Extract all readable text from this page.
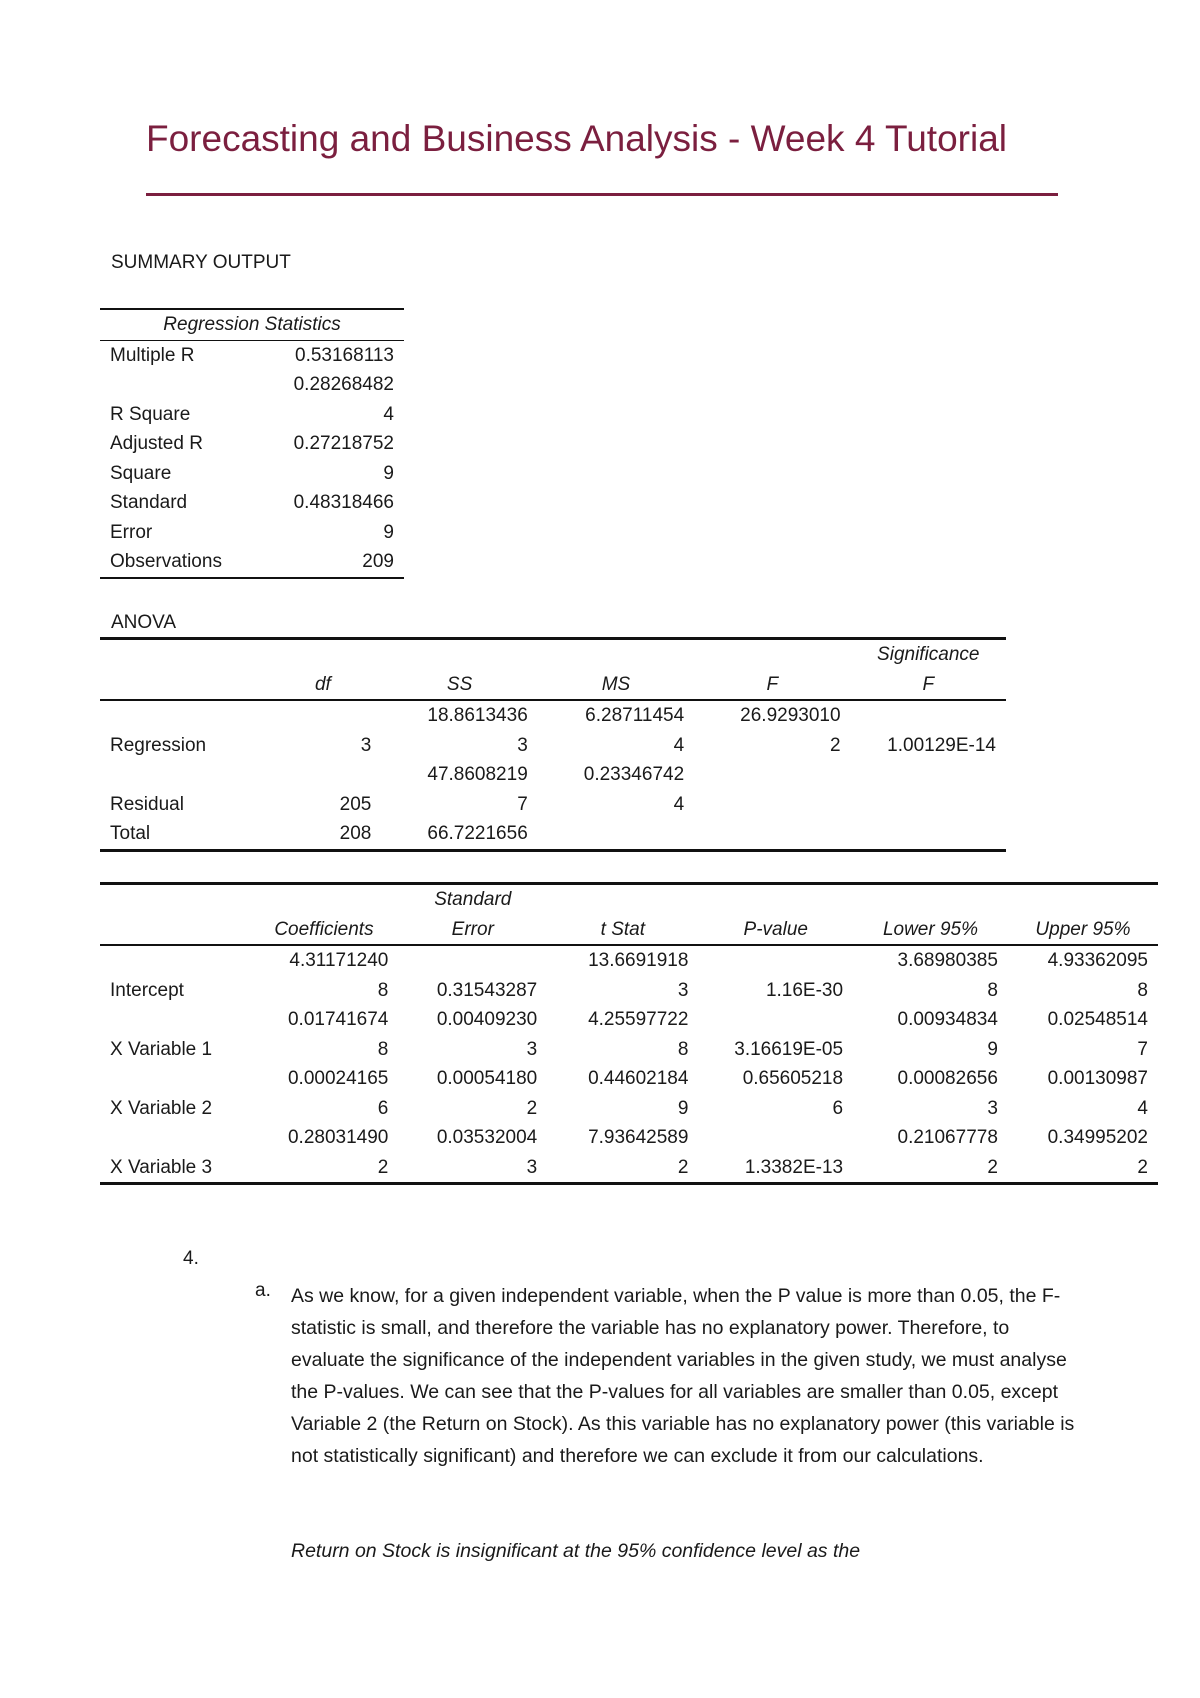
Forecasting and Business Analysis - Week 4 Tutorial
SUMMARY OUTPUT
Regression Statistics	
Multiple R	0.53168113
	0.28268482
R Square	4
Adjusted R	0.27218752
Square	9
Standard	0.48318466
Error	9
Observations	209
ANOVA
					Significance
	df	SS	MS	F	F
		18.8613436	6.28711454	26.9293010	
Regression	3	3	4	2	1.00129E-14
		47.8608219	0.23346742		
Residual	205	7	4		
Total	208	66.7221656			
		Standard				
	Coefficients	Error	t Stat	P-value	Lower 95%	Upper 95%
	4.31171240		13.6691918		3.68980385	4.93362095
Intercept	8	0.31543287	3	1.16E-30	8	8
	0.01741674	0.00409230	4.25597722		0.00934834	0.02548514
X Variable 1	8	3	8	3.16619E-05	9	7
	0.00024165	0.00054180	0.44602184	0.65605218	0.00082656	0.00130987
X Variable 2	6	2	9	6	3	4
	0.28031490	0.03532004	7.93642589		0.21067778	0.34995202
X Variable 3	2	3	2	1.3382E-13	2	2
4.
a. As we know, for a given independent variable, when the P value is more than 0.05, the F-statistic is small, and therefore the variable has no explanatory power. Therefore, to evaluate the significance of the independent variables in the given study, we must analyse the P-values. We can see that the P-values for all variables are smaller than 0.05, except Variable 2 (the Return on Stock). As this variable has no explanatory power (this variable is not statistically significant) and therefore we can exclude it from our calculations.

Return on Stock is insignificant at the 95% confidence level as the
